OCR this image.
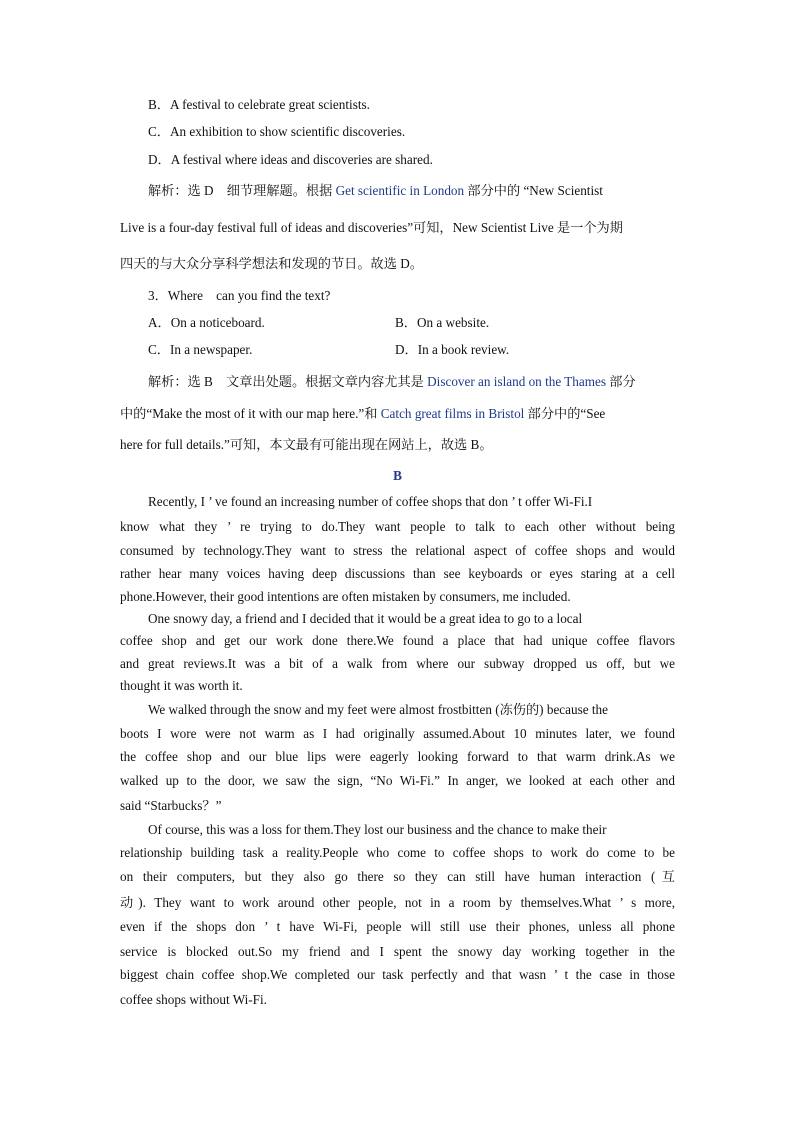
B．A festival to celebrate great scientists.
C．An exhibition to show scientific discoveries.
D．A festival where ideas and discoveries are shared.
解析：选 D　细节理解题。根据 Get scientific in London 部分中的 “New Scientist
Live is a four-day festival full of ideas and discoveries”可知，New Scientist Live 是一个为期
四天的与大众分享科学想法和发现的节日。故选 D。
3．Where　can you find the text?
A．On a noticeboard.	B．On a website.
C．In a newspaper.	D．In a book review.
解析：选 B　文章出处题。根据文章内容尤其是 Discover an island on the Thames 部分
中的“Make the most of it with our map here.”和 Catch great films in Bristol 部分中的“See
here for full details.”可知，本文最有可能出现在网站上，故选 B。
B
Recently, I ’ ve found an increasing number of coffee shops that don ’ t offer Wi-Fi.I
know what they ’ re trying to do.They want people to talk to each other without being
consumed by technology.They want to stress the relational aspect of coffee shops and would
rather hear many voices having deep discussions than see keyboards or eyes staring at a cell
phone.However, their good intentions are often mistaken by consumers, me included.
One snowy day, a friend and I decided that it would be a great idea to go to a local
coffee shop and get our work done there.We found a place that had unique coffee flavors
and great reviews.It was a bit of a walk from where our subway dropped us off, but we
thought it was worth it.
We walked through the snow and my feet were almost frostbitten (冻伤的) because the
boots I wore were not warm as I had originally assumed.About 10 minutes later, we found
the coffee shop and our blue lips were eagerly looking forward to that warm drink.As we
walked up to the door, we saw the sign, “No Wi-Fi.” In anger, we looked at each other and
said “Starbucks？”
Of course, this was a loss for them.They lost our business and the chance to make their
relationship building task a reality.People who come to coffee shops to work do come to be
on their computers, but they also go there so they can still have human interaction (互
动). They want to work around other people, not in a room by themselves.What ’ s more,
even if the shops don ’ t have Wi-Fi, people will still use their phones, unless all phone
service is blocked out.So my friend and I spent the snowy day working together in the
biggest chain coffee shop.We completed our task perfectly and that wasn ’ t the case in those
coffee shops without Wi-Fi.
